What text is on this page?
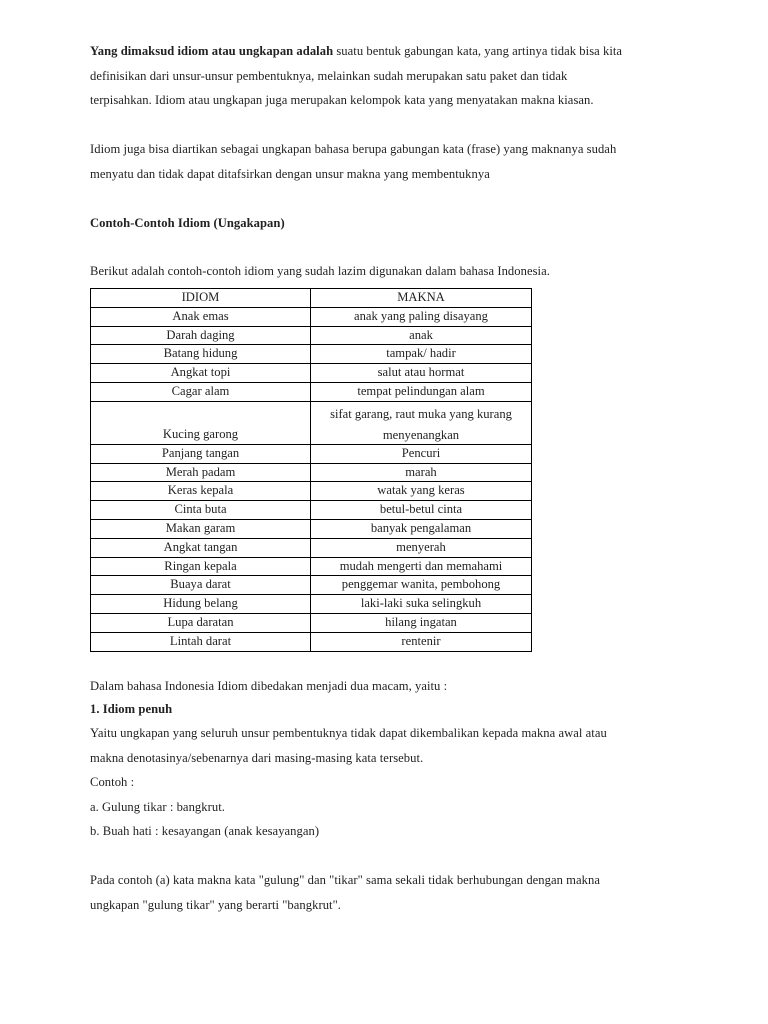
Yang dimaksud idiom atau ungkapan adalah suatu bentuk gabungan kata, yang artinya tidak bisa kita
definisikan dari unsur-unsur pembentuknya, melainkan sudah merupakan satu paket dan tidak
terpisahkan. Idiom atau ungkapan juga merupakan kelompok kata yang menyatakan makna kiasan.

Idiom juga bisa diartikan sebagai ungkapan bahasa berupa gabungan kata (frase) yang maknanya sudah
menyatu dan tidak dapat ditafsirkan dengan unsur makna yang membentuknya

Contoh-Contoh Idiom (Ungakapan)

Berikut adalah contoh-contoh idiom yang sudah lazim digunakan dalam bahasa Indonesia.

IDIOM	MAKNA
Anak emas	anak yang paling disayang
Darah daging	anak
Batang hidung	tampak/ hadir
Angkat topi	salut atau hormat
Cagar alam	tempat pelindungan alam
Kucing garong	sifat garang, raut muka yang kurang
menyenangkan

Panjang tangan	Pencuri
Merah padam	marah
Keras kepala	watak yang keras
Cinta buta	betul-betul cinta
Makan garam	banyak pengalaman
Angkat tangan	menyerah
Ringan kepala	mudah mengerti dan memahami
Buaya darat	penggemar wanita, pembohong
Hidung belang	laki-laki suka selingkuh
Lupa daratan	hilang ingatan
Lintah darat	rentenir

Dalam bahasa Indonesia Idiom dibedakan menjadi dua macam, yaitu :

1. Idiom penuh

Yaitu ungkapan yang seluruh unsur pembentuknya tidak dapat dikembalikan kepada makna awal atau
makna denotasinya/sebenarnya dari masing-masing kata tersebut.
Contoh :
a. Gulung tikar : bangkrut.
b. Buah hati : kesayangan (anak kesayangan)

Pada contoh (a) kata makna kata "gulung" dan "tikar" sama sekali tidak berhubungan dengan makna
ungkapan "gulung tikar" yang berarti "bangkrut".
